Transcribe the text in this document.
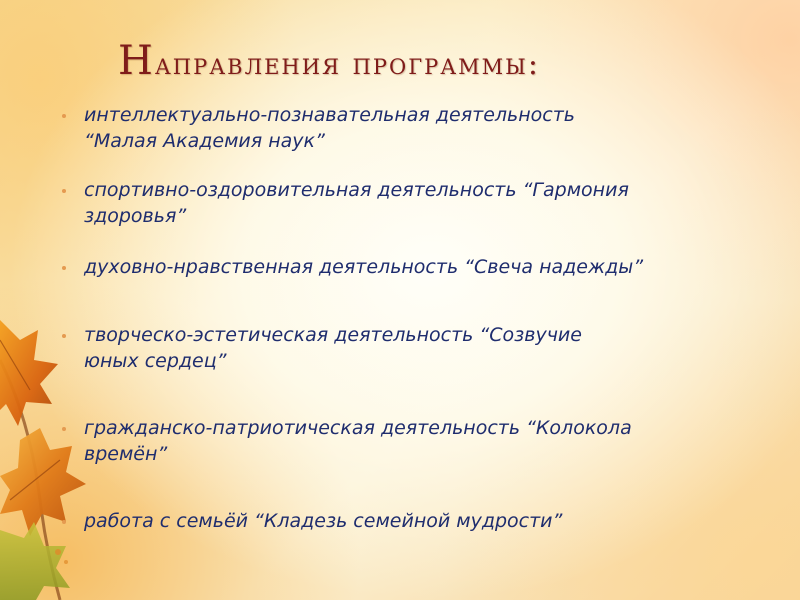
Направления программы:
интеллектуально-познавательная деятельность
“Малая Академия наук”
спортивно-оздоровительная деятельность “Гармония
здоровья”
духовно-нравственная деятельность “Свеча надежды”
творческо-эстетическая деятельность “Созвучие
юных сердец”
гражданско-патриотическая деятельность “Колокола
времён”
работа с семьёй “Кладезь семейной мудрости”
